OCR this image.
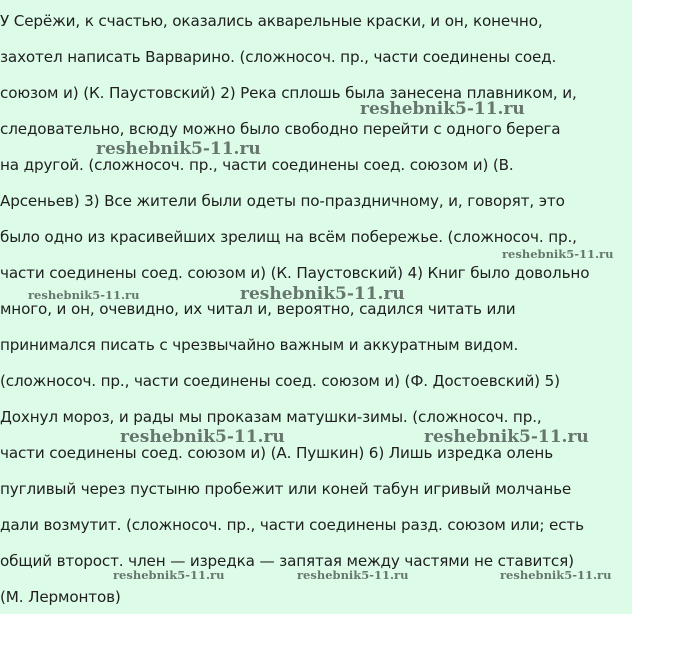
У Серёжи, к счастью, оказались акварельные краски, и он, конечно,
захотел написать Варварино. (сложносоч. пр., части соединены соед.
союзом и) (К. Паустовский) 2) Река сплошь была занесена плавником, и,
следовательно, всюду можно было свободно перейти с одного берега
на другой. (сложносоч. пр., части соединены соед. союзом и) (В.
Арсеньев) 3) Все жители были одеты по-праздничному, и, говорят, это
было одно из красивейших зрелищ на всём побережье. (сложносоч. пр.,
части соединены соед. союзом и) (К. Паустовский) 4) Книг было довольно
много, и он, очевидно, их читал и, вероятно, садился читать или
принимался писать с чрезвычайно важным и аккуратным видом.
(сложносоч. пр., части соединены соед. союзом и) (Ф. Достоевский) 5)
Дохнул мороз, и рады мы проказам матушки-зимы. (сложносоч. пр.,
части соединены соед. союзом и) (А. Пушкин) 6) Лишь изредка олень
пугливый через пустыню пробежит или коней табун игривый молчанье
дали возмутит. (сложносоч. пр., части соединены разд. союзом или; есть
общий второст. член — изредка — запятая между частями не ставится)
(М. Лермонтов)
reshebnik5-11.ru
reshebnik5-11.ru
reshebnik5-11.ru
reshebnik5-11.ru	reshebnik5-11.ru
reshebnik5-11.ru	reshebnik5-11.ru
reshebnik5-11.ru	reshebnik5-11.ru	reshebnik5-11.ru
